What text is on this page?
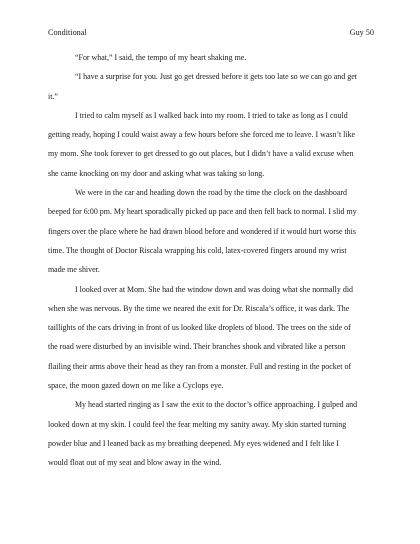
Conditional	Guy 50

“For what,” I said, the tempo of my heart shaking me.

“I have a surprise for you. Just go get dressed before it gets too late so we can go and get
it.”

I tried to calm myself as I walked back into my room. I tried to take as long as I could
getting ready, hoping I could waist away a few hours before she forced me to leave. I wasn’t like
my mom. She took forever to get dressed to go out places, but I didn’t have a valid excuse when
she came knocking on my door and asking what was taking so long.

We were in the car and heading down the road by the time the clock on the dashboard
beeped for 6:00 pm. My heart sporadically picked up pace and then fell back to normal. I slid my
fingers over the place where he had drawn blood before and wondered if it would hurt worse this
time. The thought of Doctor Riscala wrapping his cold, latex-covered fingers around my wrist
made me shiver.

I looked over at Mom. She had the window down and was doing what she normally did
when she was nervous. By the time we neared the exit for Dr. Riscala’s office, it was dark. The
taillights of the cars driving in front of us looked like droplets of blood. The trees on the side of
the road were disturbed by an invisible wind. Their branches shook and vibrated like a person
flailing their arms above their head as they ran from a monster. Full and resting in the pocket of
space, the moon gazed down on me like a Cyclops eye.

My head started ringing as I saw the exit to the doctor’s office approaching. I gulped and
looked down at my skin. I could feel the fear melting my sanity away. My skin started turning
powder blue and I leaned back as my breathing deepened. My eyes widened and I felt like I
would float out of my seat and blow away in the wind.
